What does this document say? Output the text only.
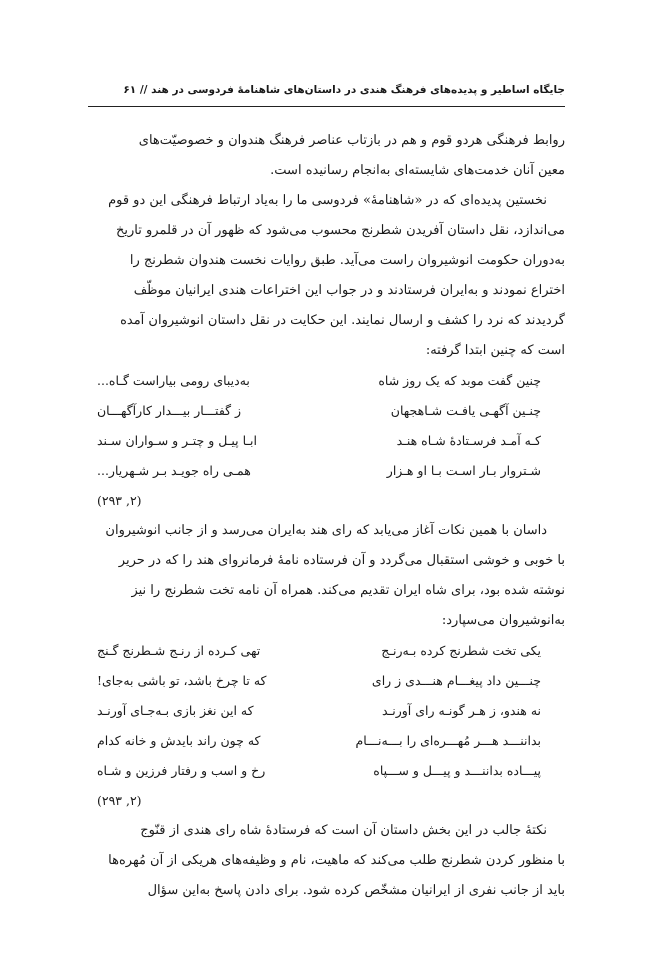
جایگاه اساطیر و پدیده‌های فرهنگ هندی در داستان‌های شاهنامهٔ فردوسی در هند // ۶۱

روابط فرهنگی هردو قوم و هم در بازتاب عناصر فرهنگ هندوان و خصوصیّت‌های

معین آنان خدمت‌های شایسته‌ای به‌انجام رسانیده است.

نخستین پدیده‌ای که در «شاهنامهٔ» فردوسی ما را به‌یاد ارتباط فرهنگی این دو قوم

می‌اندازد، نقل داستان آفریدن شطرنج محسوب می‌شود که ظهور آن در قلمرو تاریخ

به‌دوران حکومت انوشیروان راست می‌آید. طبق روایات نخست هندوان شطرنج را

اختراع نمودند و به‌ایران فرستادند و در جواب این اختراعات هندی ایرانیان موظّف

گردیدند که نرد را کشف و ارسال نمایند. این حکایت در نقل داستان انوشیروان آمده

است که چنین ابتدا گرفته:

چنین گفت موبد که یک روز شاه
به‌دیبای رومی بیاراست گـاه...
چنـین آگهـی یافـت شـاهجهان
ز گفتـــار بیـــدار کارآگهـــان
کـه آمـد فرسـتادهٔ شـاه هنـد
ابـا پیـل و چتـر و سـواران سـند
شـتروار بـار اسـت بـا او هـزار
همـی راه جویـد بـر شـهریار...
(۲۹۳ ,۲)

داسان با همین نکات آغاز می‌یابد که رای هند به‌ایران می‌رسد و از جانب انوشیروان

با خوبی و خوشی استقبال می‌گردد و آن فرستاده نامهٔ فرمانروای هند را که در حریر

نوشته شده بود، برای شاه ایران تقدیم می‌کند. همراه آن نامه تخت شطرنج را نیز

به‌انوشیروان می‌سپارد:

یکی تخت شطرنج کرده بـه‌رنـج
تهی کـرده از رنـج شـطرنج گـنج
چنـــین داد پیغـــام هنـــدی ز رای
که تا چرخ باشد، تو باشی به‌جای!
نه هندو، ز هـر گونـه رای آورنـد
که این نغز بازی بـه‌جـای آورنـد
بداننـــد هـــر مُهـــره‌ای را بـــه‌نـــام
که چون راند بایدش و خانه کدام
پیـــاده بداننـــد و پیـــل و ســـپاه
رخ و اسب و رفتار فرزین و شـاه
(۲۹۳ ,۲)

نکتهٔ جالب در این بخش داستان آن است که فرستادهٔ شاه رای هندی از قنّوج

با منظور کردن شطرنج طلب می‌کند که ماهیت، نام و وظیفه‌های هریکی از آن مُهره‌ها

باید از جانب نفری از ایرانیان مشخّص کرده شود. برای دادن پاسخ به‌این سؤال
